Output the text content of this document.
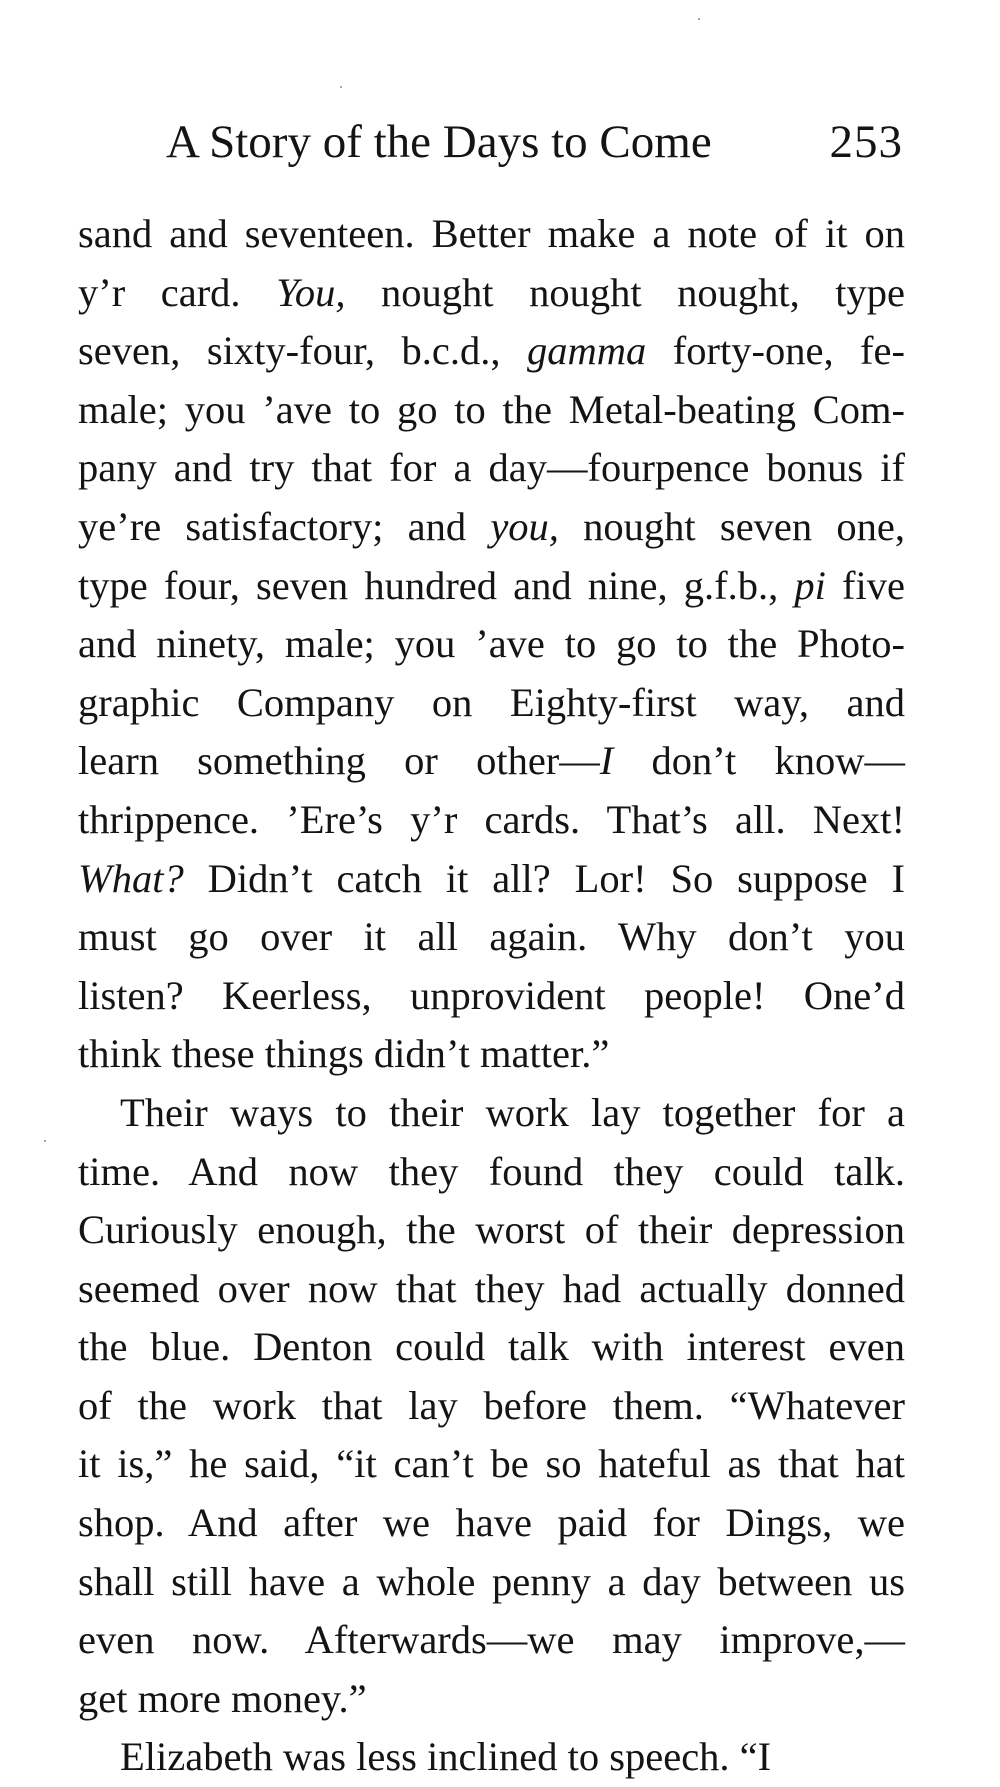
A Story of the Days to Come	253
sand and seventeen. Better make a note of it on
y’r card. You, nought nought nought, type
seven, sixty-four, b.c.d., gamma forty-one, fe-
male; you ’ave to go to the Metal-beating Com-
pany and try that for a day—fourpence bonus if
ye’re satisfactory; and you, nought seven one,
type four, seven hundred and nine, g.f.b., pi five
and ninety, male; you ’ave to go to the Photo-
graphic Company on Eighty-first way, and
learn something or other—I don’t know—
thrippence. ’Ere’s y’r cards. That’s all. Next!
What? Didn’t catch it all? Lor! So suppose I
must go over it all again. Why don’t you
listen? Keerless, unprovident people! One’d
think these things didn’t matter.”
Their ways to their work lay together for a
time. And now they found they could talk.
Curiously enough, the worst of their depression
seemed over now that they had actually donned
the blue. Denton could talk with interest even
of the work that lay before them. “Whatever
it is,” he said, “it can’t be so hateful as that hat
shop. And after we have paid for Dings, we
shall still have a whole penny a day between us
even now. Afterwards—we may improve,—
get more money.”
Elizabeth was less inclined to speech. “I
